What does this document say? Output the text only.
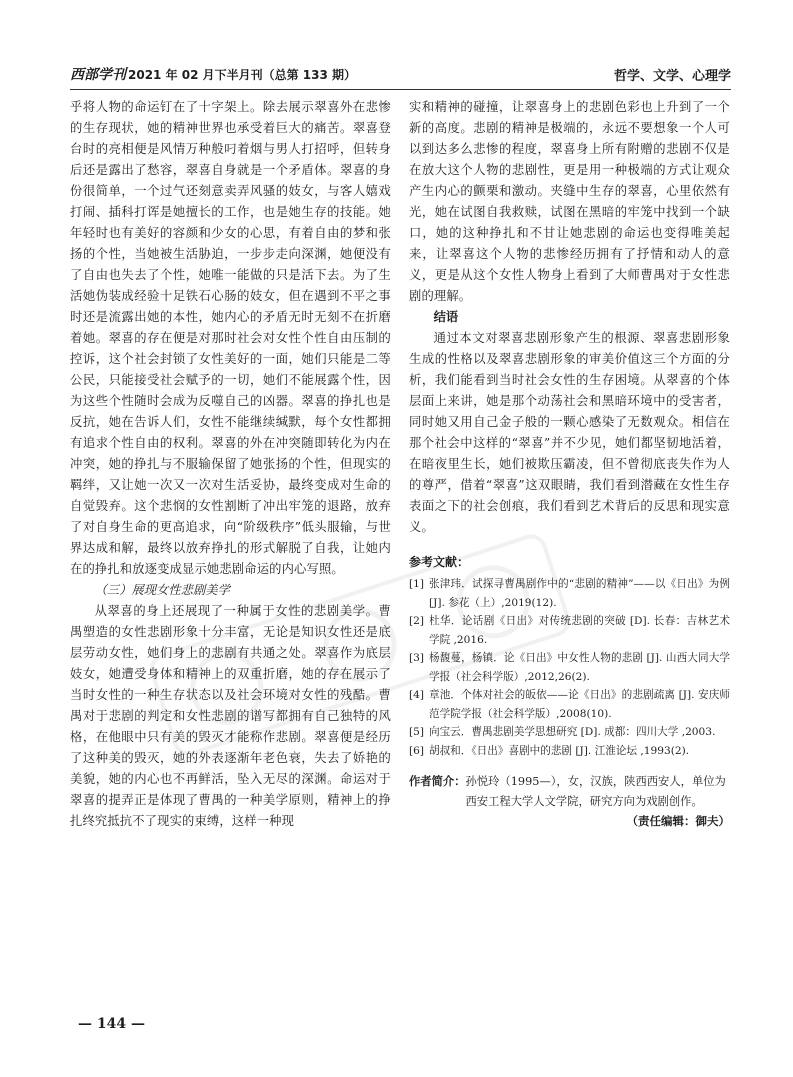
西部学刊 2021 年 02 月下半月刊（总第 133 期）	哲学、文学、心理学

乎将人物的命运钉在了十字架上。除去展示翠喜外在悲惨的生存现状，她的精神世界也承受着巨大的痛苦。翠喜登台时的亮相便是风情万种般叼着烟与男人打招呼，但转身后还是露出了愁容，翠喜自身就是一个矛盾体。翠喜的身份很简单，一个过气还刻意卖弄风骚的妓女，与客人嬉戏打闹、插科打诨是她擅长的工作，也是她生存的技能。她年轻时也有美好的容颜和少女的心思，有着自由的梦和张扬的个性，当她被生活胁迫，一步步走向深渊，她便没有了自由也失去了个性，她唯一能做的只是活下去。为了生活她伪装成经验十足铁石心肠的妓女，但在遇到不平之事时还是流露出她的本性，她内心的矛盾无时无刻不在折磨着她。翠喜的存在便是对那时社会对女性个性自由压制的控诉，这个社会封锁了女性美好的一面，她们只能是二等公民，只能接受社会赋予的一切，她们不能展露个性，因为这些个性随时会成为反噬自己的凶器。翠喜的挣扎也是反抗，她在告诉人们，女性不能继续缄默，每个女性都拥有追求个性自由的权利。翠喜的外在冲突随即转化为内在冲突，她的挣扎与不服输保留了她张扬的个性，但现实的羁绊，又让她一次又一次对生活妥协，最终变成对生命的自觉毁弃。这个悲悯的女性割断了冲出牢笼的退路，放弃了对自身生命的更高追求，向“阶级秩序”低头服输，与世界达成和解，最终以放弃挣扎的形式解脱了自我，让她内在的挣扎和放逐变成显示她悲剧命运的内心写照。

（三）展现女性悲剧美学

从翠喜的身上还展现了一种属于女性的悲剧美学。曹禺塑造的女性悲剧形象十分丰富，无论是知识女性还是底层劳动女性，她们身上的悲剧有共通之处。翠喜作为底层妓女，她遭受身体和精神上的双重折磨，她的存在展示了当时女性的一种生存状态以及社会环境对女性的残酷。曹禺对于悲剧的判定和女性悲剧的谱写都拥有自己独特的风格，在他眼中只有美的毁灭才能称作悲剧。翠喜便是经历了这种美的毁灭，她的外表逐渐年老色衰，失去了娇艳的美貌，她的内心也不再鲜活，坠入无尽的深渊。命运对于翠喜的提弄正是体现了曹禺的一种美学原则，精神上的挣扎终究抵抗不了现实的束缚，这样一种现

实和精神的碰撞，让翠喜身上的悲剧色彩也上升到了一个新的高度。悲剧的精神是极端的，永远不要想象一个人可以到达多么悲惨的程度，翠喜身上所有附赠的悲剧不仅是在放大这个人物的悲剧性，更是用一种极端的方式让观众产生内心的颤栗和激动。夹缝中生存的翠喜，心里依然有光，她在试图自我救赎，试图在黑暗的牢笼中找到一个缺口，她的这种挣扎和不甘让她悲剧的命运也变得唯美起来，让翠喜这个人物的悲惨经历拥有了抒情和动人的意义，更是从这个女性人物身上看到了大师曹禺对于女性悲剧的理解。

结语

通过本文对翠喜悲剧形象产生的根源、翠喜悲剧形象生成的性格以及翠喜悲剧形象的审美价值这三个方面的分析，我们能看到当时社会女性的生存困境。从翠喜的个体层面上来讲，她是那个动荡社会和黑暗环境中的受害者，同时她又用自己金子般的一颗心感染了无数观众。相信在那个社会中这样的“翠喜”并不少见，她们都坚韧地活着，在暗夜里生长，她们被欺压霸凌，但不曾彻底丧失作为人的尊严，借着“翠喜”这双眼睛，我们看到潜藏在女性生存表面之下的社会创痕，我们看到艺术背后的反思和现实意义。

参考文献：
[1] 张津玮．试探寻曹禺剧作中的“悲剧的精神”——以《日出》为例 [J]. 参花（上）,2019(12).
[2] 杜华．论话剧《日出》对传统悲剧的突破 [D]. 长春：吉林艺术学院 ,2016.
[3] 杨馥蔓，杨镇．论《日出》中女性人物的悲剧 [J]. 山西大同大学学报（社会科学版）,2012,26(2).
[4] 章池．个体对社会的皈依——论《日出》的悲剧疏离 [J]. 安庆师范学院学报（社会科学版）,2008(10).
[5] 向宝云．曹禺悲剧美学思想研究 [D]. 成都：四川大学 ,2003.
[6] 胡叔和．《日出》喜剧中的悲剧 [J]. 江淮论坛 ,1993(2).
作者简介： 孙悦玲（1995—），女，汉族，陕西西安人，单位为西安工程大学人文学院，研究方向为戏剧创作。
（责任编辑：御夫）
— 144 —
